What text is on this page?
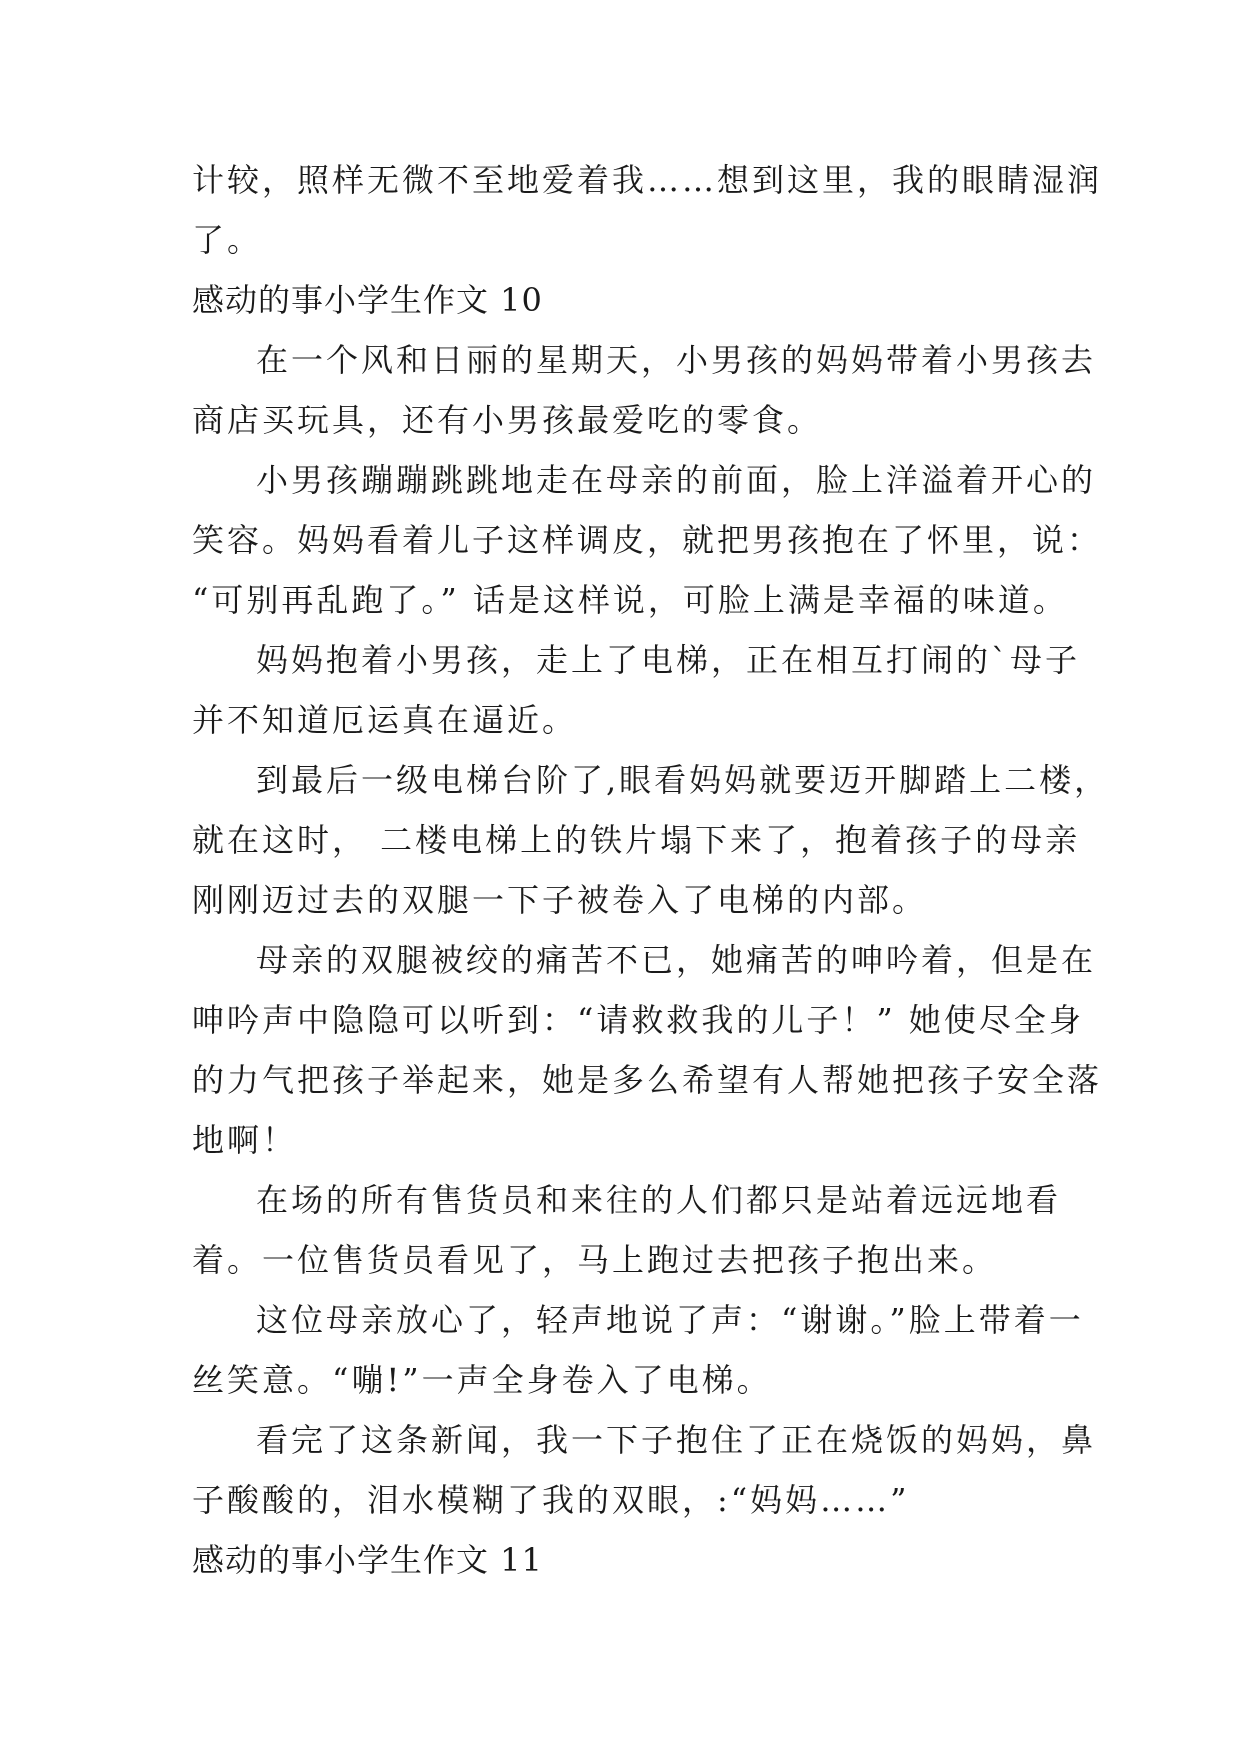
计较，照样无微不至地爱着我……想到这里，我的眼睛湿润
了。
感动的事小学生作文 10
在一个风和日丽的星期天，小男孩的妈妈带着小男孩去
商店买玩具，还有小男孩最爱吃的零食。
小男孩蹦蹦跳跳地走在母亲的前面，脸上洋溢着开心的
笑容。妈妈看着儿子这样调皮，就把男孩抱在了怀里，说：
“可别再乱跑了。” 话是这样说，可脸上满是幸福的味道。
妈妈抱着小男孩，走上了电梯，正在相互打闹的`母子
并不知道厄运真在逼近。
到最后一级电梯台阶了,眼看妈妈就要迈开脚踏上二楼，
就在这时， 二楼电梯上的铁片塌下来了，抱着孩子的母亲
刚刚迈过去的双腿一下子被卷入了电梯的内部。
母亲的双腿被绞的痛苦不已，她痛苦的呻吟着，但是在
呻吟声中隐隐可以听到：“请救救我的儿子！” 她使尽全身
的力气把孩子举起来，她是多么希望有人帮她把孩子安全落
地啊！
在场的所有售货员和来往的人们都只是站着远远地看
着。一位售货员看见了，马上跑过去把孩子抱出来。
这位母亲放心了，轻声地说了声：“谢谢。”脸上带着一
丝笑意。“嘣!”一声全身卷入了电梯。
看完了这条新闻，我一下子抱住了正在烧饭的妈妈，鼻
子酸酸的，泪水模糊了我的双眼，:“妈妈……”
感动的事小学生作文 11
